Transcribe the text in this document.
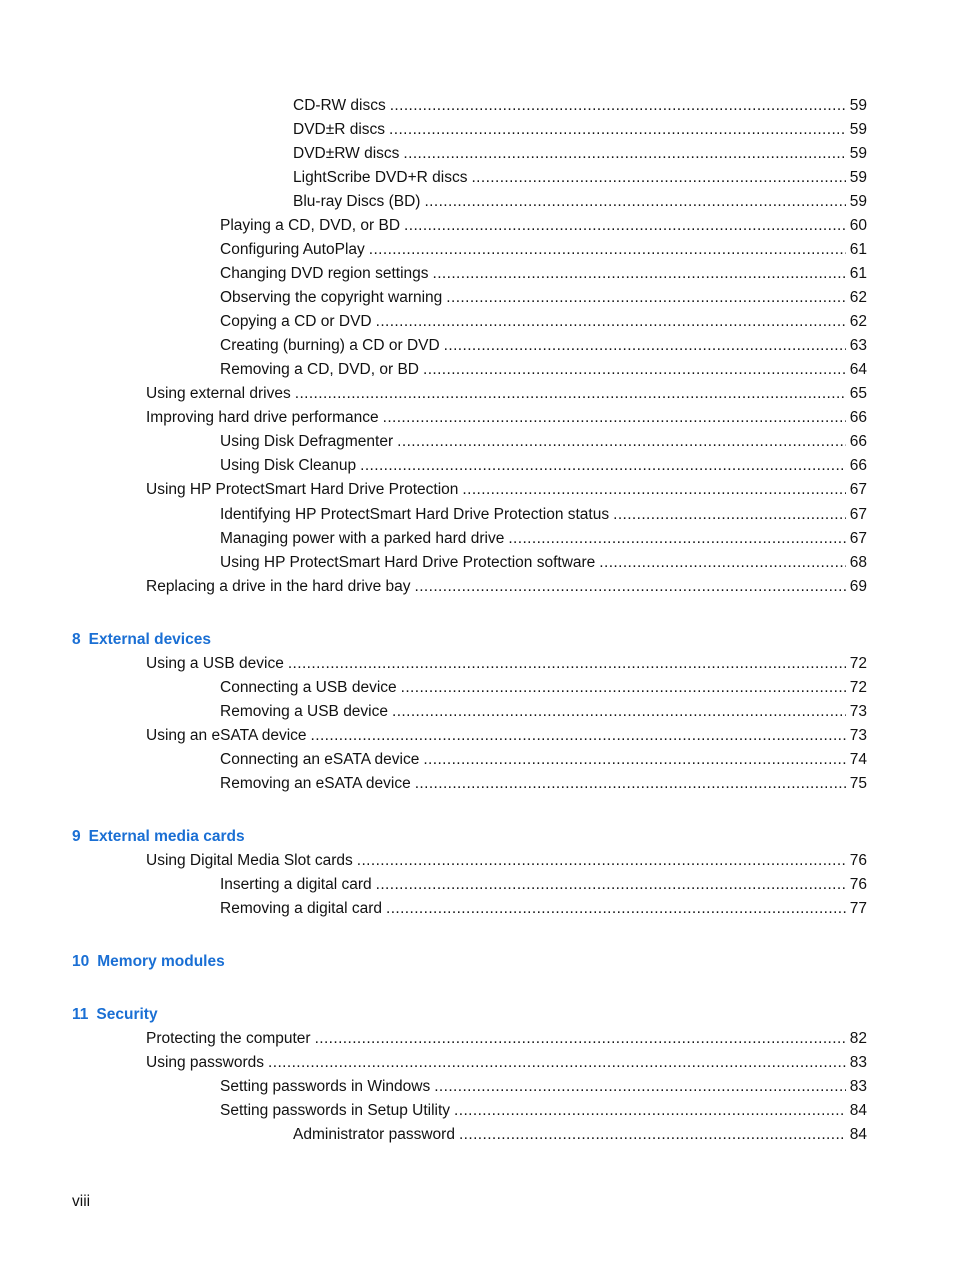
CD-RW discs .....	59
DVD±R discs .....	59
DVD±RW discs .....	59
LightScribe DVD+R discs .....	59
Blu-ray Discs (BD) .....	59
Playing a CD, DVD, or BD .....	60
Configuring AutoPlay .....	61
Changing DVD region settings .....	61
Observing the copyright warning .....	62
Copying a CD or DVD .....	62
Creating (burning) a CD or DVD .....	63
Removing a CD, DVD, or BD .....	64
Using external drives .....	65
Improving hard drive performance .....	66
Using Disk Defragmenter .....	66
Using Disk Cleanup .....	66
Using HP ProtectSmart Hard Drive Protection .....	67
Identifying HP ProtectSmart Hard Drive Protection status .....	67
Managing power with a parked hard drive .....	67
Using HP ProtectSmart Hard Drive Protection software .....	68
Replacing a drive in the hard drive bay .....	69
8 External devices
Using a USB device .....	72
Connecting a USB device .....	72
Removing a USB device .....	73
Using an eSATA device .....	73
Connecting an eSATA device .....	74
Removing an eSATA device .....	75
9 External media cards
Using Digital Media Slot cards .....	76
Inserting a digital card .....	76
Removing a digital card .....	77
10 Memory modules
11 Security
Protecting the computer .....	82
Using passwords .....	83
Setting passwords in Windows .....	83
Setting passwords in Setup Utility .....	84
Administrator password .....	84
viii
